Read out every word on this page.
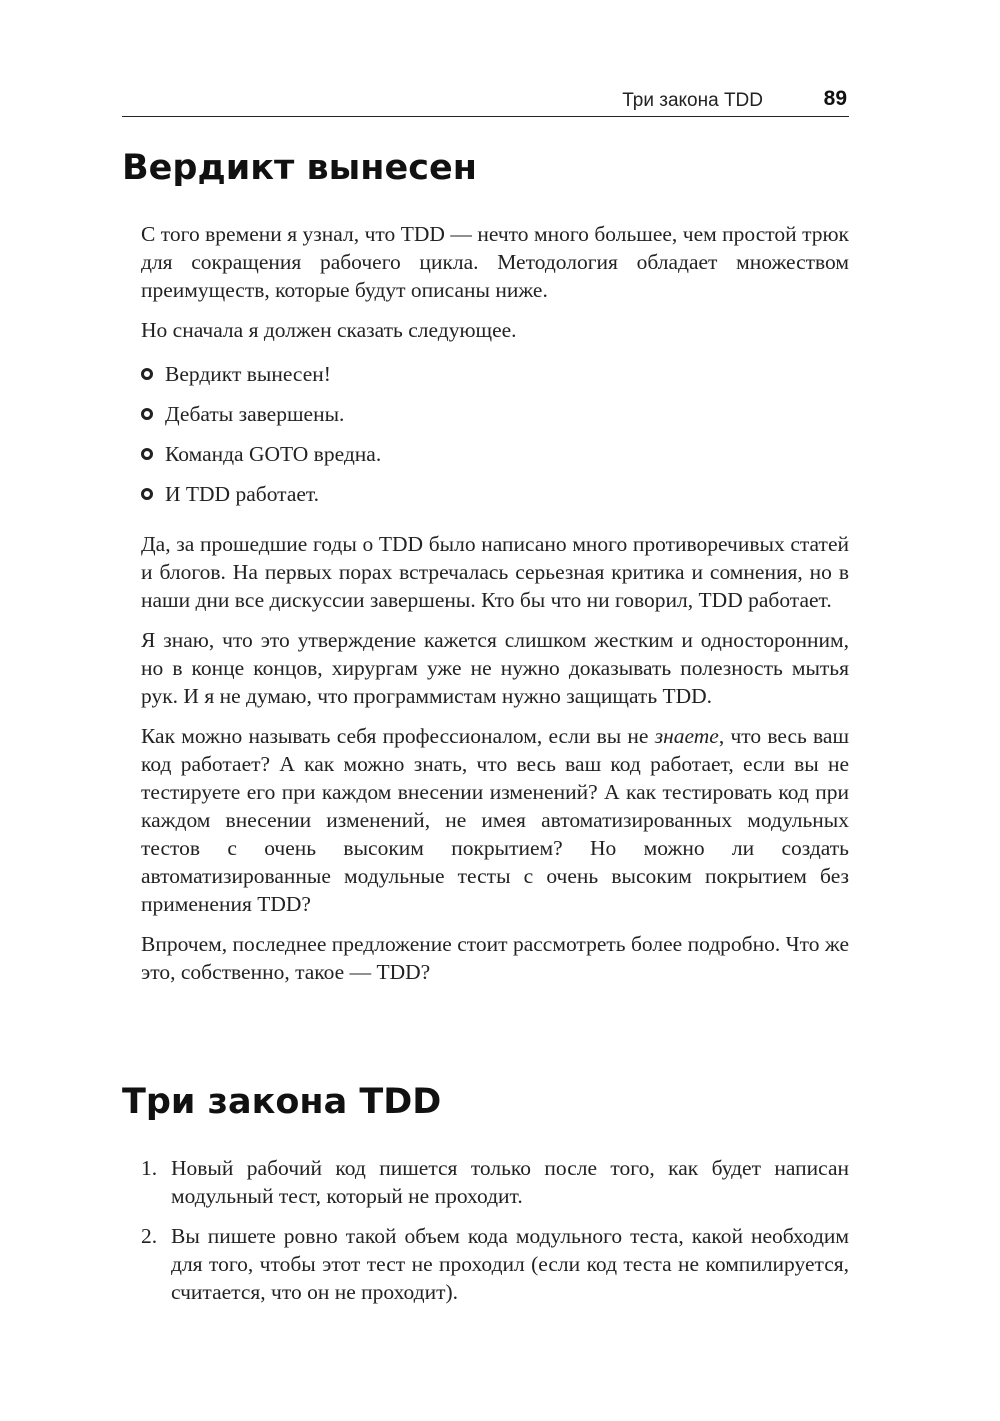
Три закона TDD	89
Вердикт вынесен

С того времени я узнал, что TDD — нечто много большее, чем простой трюк для сокращения рабочего цикла. Методология обладает множеством преимуществ, которые будут описаны ниже.

Но сначала я должен сказать следующее.

Вердикт вынесен!
Дебаты завершены.
Команда GOTO вредна.
И TDD работает.

Да, за прошедшие годы о TDD было написано много противоречивых статей и блогов. На первых порах встречалась серьезная критика и сомнения, но в наши дни все дискуссии завершены. Кто бы что ни говорил, TDD работает.

Я знаю, что это утверждение кажется слишком жестким и односторонним, но в конце концов, хирургам уже не нужно доказывать полезность мытья рук. И я не думаю, что программистам нужно защищать TDD.

Как можно называть себя профессионалом, если вы не знаете, что весь ваш код работает? А как можно знать, что весь ваш код работает, если вы не тестируете его при каждом внесении изменений? А как тестировать код при каждом внесении изменений, не имея автоматизированных модульных тестов с очень высоким покрытием? Но можно ли создать автоматизированные модульные тесты с очень высоким покрытием без применения TDD?

Впрочем, последнее предложение стоит рассмотреть более подробно. Что же это, собственно, такое — TDD?

Три закона TDD
1. Новый рабочий код пишется только после того, как будет написан модульный тест, который не проходит.
2. Вы пишете ровно такой объем кода модульного теста, какой необходим для того, чтобы этот тест не проходил (если код теста не компилируется, считается, что он не проходит).
